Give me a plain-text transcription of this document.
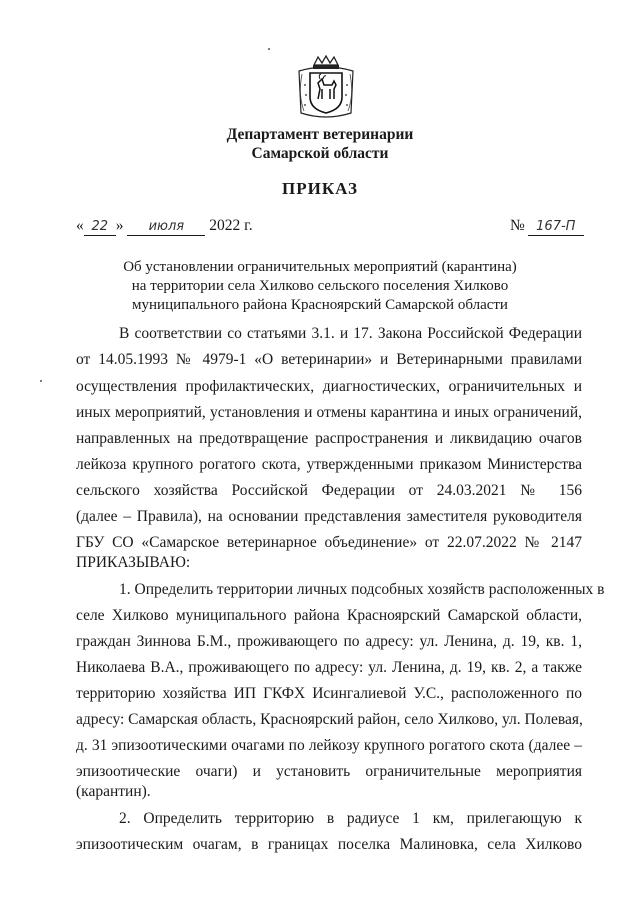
Департамент ветеринарии
Самарской области
ПРИКАЗ
« 22 » июля 2022 г.	№ 167-П
Об установлении ограничительных мероприятий (карантина)
на территории села Хилково сельского поселения Хилково
муниципального района Красноярский Самарской области
В соответствии со статьями 3.1. и 17. Закона Российской Федерации
от 14.05.1993 № 4979-1 «О ветеринарии» и Ветеринарными правилами
осуществления профилактических, диагностических, ограничительных и
иных мероприятий, установления и отмены карантина и иных ограничений,
направленных на предотвращение распространения и ликвидацию очагов
лейкоза крупного рогатого скота, утвержденными приказом Министерства
сельского хозяйства Российской Федерации от 24.03.2021 № 156
(далее – Правила), на основании представления заместителя руководителя
ГБУ СО «Самарское ветеринарное объединение» от 22.07.2022 № 2147
ПРИКАЗЫВАЮ:
1. Определить территории личных подсобных хозяйств расположенных в
селе Хилково муниципального района Красноярский Самарской области,
граждан Зиннова Б.М., проживающего по адресу: ул. Ленина, д. 19, кв. 1,
Николаева В.А., проживающего по адресу: ул. Ленина, д. 19, кв. 2, а также
территорию хозяйства ИП ГКФХ Исингалиевой У.С., расположенного по
адресу: Самарская область, Красноярский район, село Хилково, ул. Полевая,
д. 31 эпизоотическими очагами по лейкозу крупного рогатого скота (далее –
эпизоотические очаги) и установить ограничительные мероприятия
(карантин).
2. Определить территорию в радиусе 1 км, прилегающую к
эпизоотическим очагам, в границах поселка Малиновка, села Хилково
